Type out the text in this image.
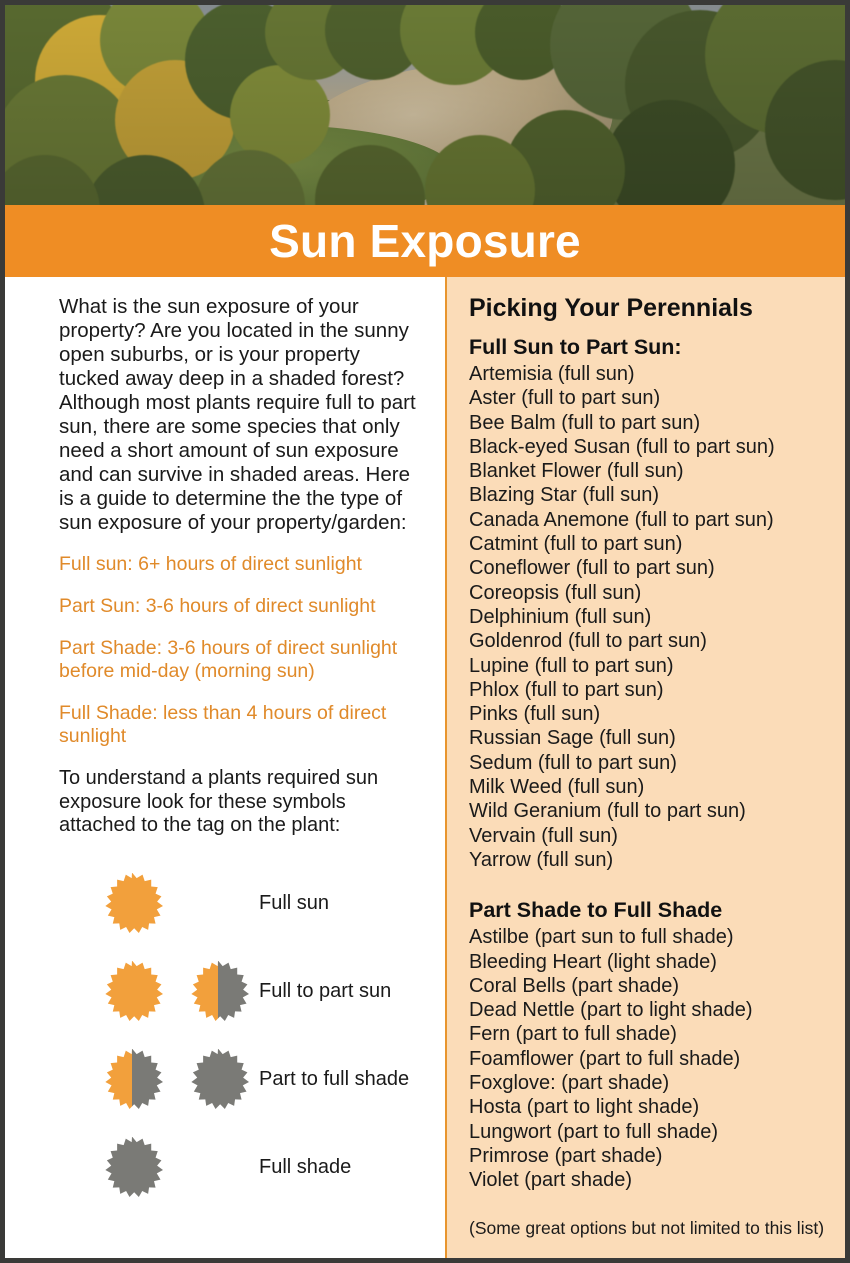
Sun Exposure

What is the sun exposure of your property? Are you located in the sunny open suburbs, or is your property tucked away deep in a shaded forest? Although most plants require full to part sun, there are some species that only need a short amount of sun exposure and can survive in shaded areas. Here is a guide to determine the the type of sun exposure of your property/garden:

Full sun: 6+ hours of direct sunlight

Part Sun: 3-6 hours of direct sunlight

Part Shade: 3-6 hours of direct sunlight before mid-day (morning sun)

Full Shade: less than 4 hours of direct sunlight

To understand a plants required sun exposure look for these symbols attached to the tag on the plant:

Full sun
Full to part sun
Part to full shade
Full shade
Picking Your Perennials
Full Sun to Part Sun:
Artemisia (full sun)
Aster (full to part sun)
Bee Balm (full to part sun)
Black-eyed Susan (full to part sun)
Blanket Flower (full sun)
Blazing Star (full sun)
Canada Anemone (full to part sun)
Catmint (full to part sun)
Coneflower (full to part sun)
Coreopsis (full sun)
Delphinium (full sun)
Goldenrod (full to part sun)
Lupine (full to part sun)
Phlox (full to part sun)
Pinks (full sun)
Russian Sage (full sun)
Sedum (full to part sun)
Milk Weed (full sun)
Wild Geranium (full to part sun)
Vervain (full sun)
Yarrow (full sun)
Part Shade to Full Shade
Astilbe (part sun to full shade)
Bleeding Heart (light shade)
Coral Bells (part shade)
Dead Nettle (part to light shade)
Fern (part to full shade)
Foamflower (part to full shade)
Foxglove: (part shade)
Hosta (part to light shade)
Lungwort (part to full shade)
Primrose (part shade)
Violet (part shade)
(Some great options but not limited to this list)
